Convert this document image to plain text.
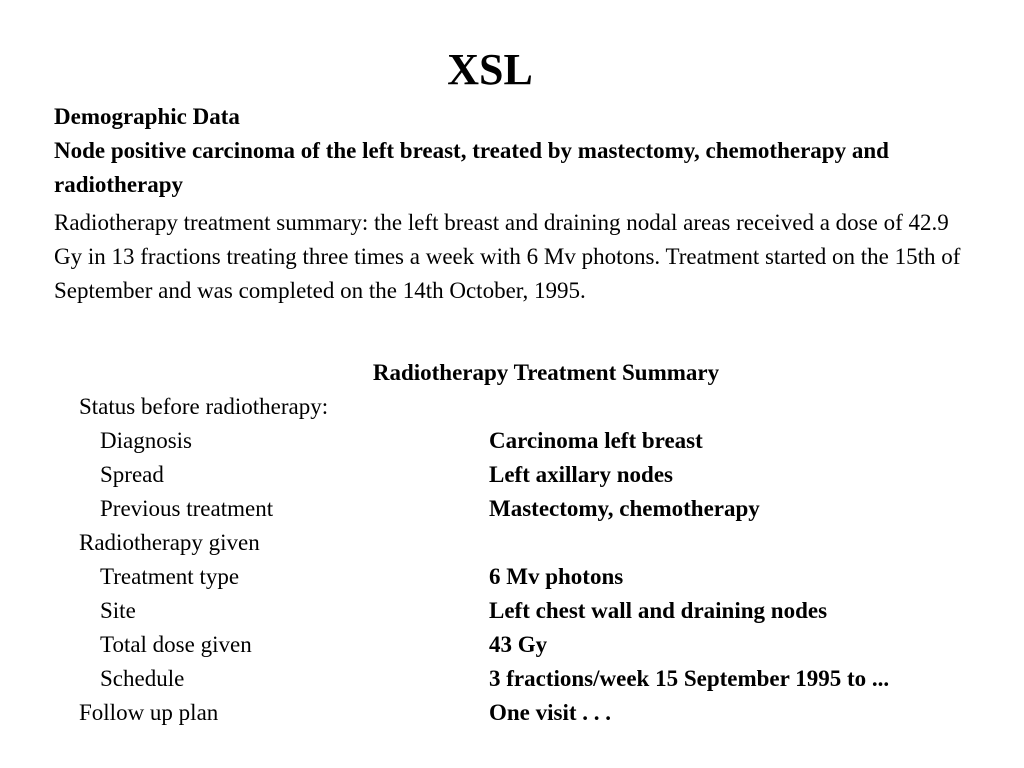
XSL
Demographic Data
Node positive carcinoma of the left breast, treated by mastectomy, chemotherapy and radiotherapy
Radiotherapy treatment summary: the left breast and draining nodal areas received a dose of 42.9 Gy in 13 fractions treating three times a week with 6 Mv photons. Treatment started on the 15th of September and was completed on the 14th October, 1995.
Radiotherapy Treatment Summary
Status before radiotherapy:
Diagnosis	Carcinoma left breast
Spread	Left axillary nodes
Previous treatment	Mastectomy, chemotherapy
Radiotherapy given
Treatment type	6 Mv photons
Site	Left chest wall and draining nodes
Total dose given	43 Gy
Schedule	3 fractions/week 15 September 1995 to ...
Follow up plan	One visit . . .
